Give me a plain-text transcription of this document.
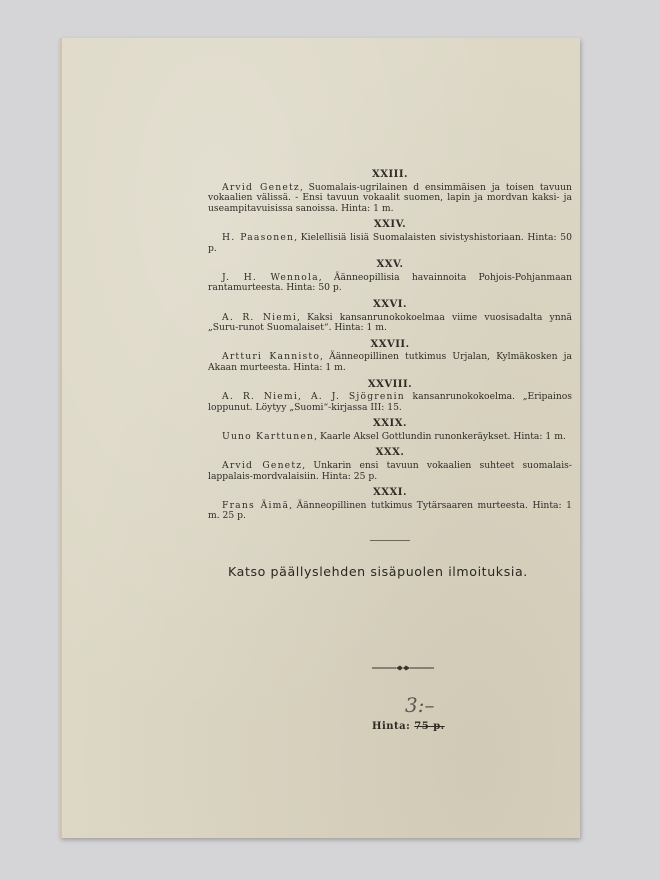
XXIII.
Arvid Genetz, Suomalais-ugrilainen d ensimmäisen ja toisen tavuun vokaalien välissä. - Ensi tavuun vokaalit suomen, lapin ja mordvan kaksi- ja useampitavuisissa sanoissa. Hinta: 1 m.
XXIV.
H. Paasonen, Kielellisiä lisiä Suomalaisten sivistyshistoriaan. Hinta: 50 p.
XXV.
J. H. Wennola, Äänneopillisia havainnoita Pohjois-Pohjanmaan rantamurteesta. Hinta: 50 p.
XXVI.
A. R. Niemi, Kaksi kansanrunokokoelmaa viime vuosisadalta ynnä „Suru-runot Suomalaiset“. Hinta: 1 m.
XXVII.
Artturi Kannisto, Äänneopillinen tutkimus Urjalan, Kylmäkosken ja Akaan murteesta. Hinta: 1 m.
XXVIII.
A. R. Niemi, A. J. Sjögrenin kansanrunokokoelma. „Eripainos loppunut. Löytyy „Suomi“-kirjassa III: 15.
XXIX.
Uuno Karttunen, Kaarle Aksel Gottlundin runonkeräykset. Hinta: 1 m.
XXX.
Arvid Genetz, Unkarin ensi tavuun vokaalien suhteet suomalais-lappalais-mordvalaisiin. Hinta: 25 p.
XXXI.
Frans Äimä, Äänneopillinen tutkimus Tytärsaaren murteesta. Hinta: 1 m. 25 p.
Katso päällyslehden sisäpuolen ilmoituksia.
3:–
Hinta: 75 p.
